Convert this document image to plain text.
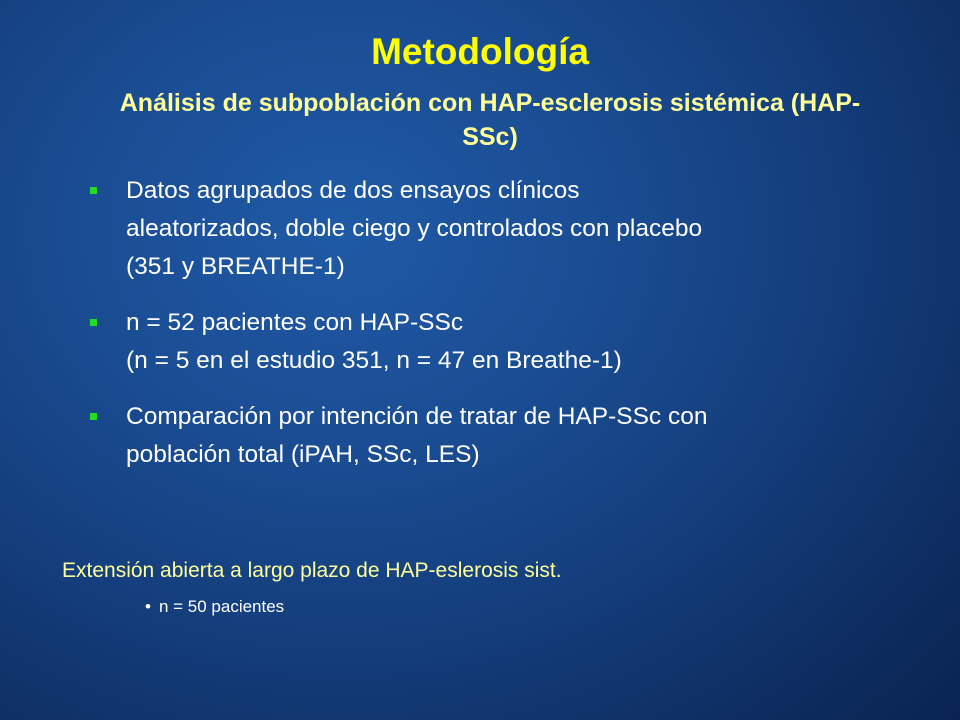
Metodología
Análisis de subpoblación con HAP-esclerosis sistémica (HAP-SSc)
Datos agrupados de dos ensayos clínicos
aleatorizados, doble ciego y controlados con placebo
(351 y BREATHE-1)
n = 52 pacientes con HAP-SSc
(n = 5 en el estudio 351, n = 47 en Breathe-1)
Comparación por intención de tratar de HAP-SSc con
población total (iPAH, SSc, LES)

Extensión abierta a largo plazo de HAP-eslerosis sist.

• n = 50 pacientes
